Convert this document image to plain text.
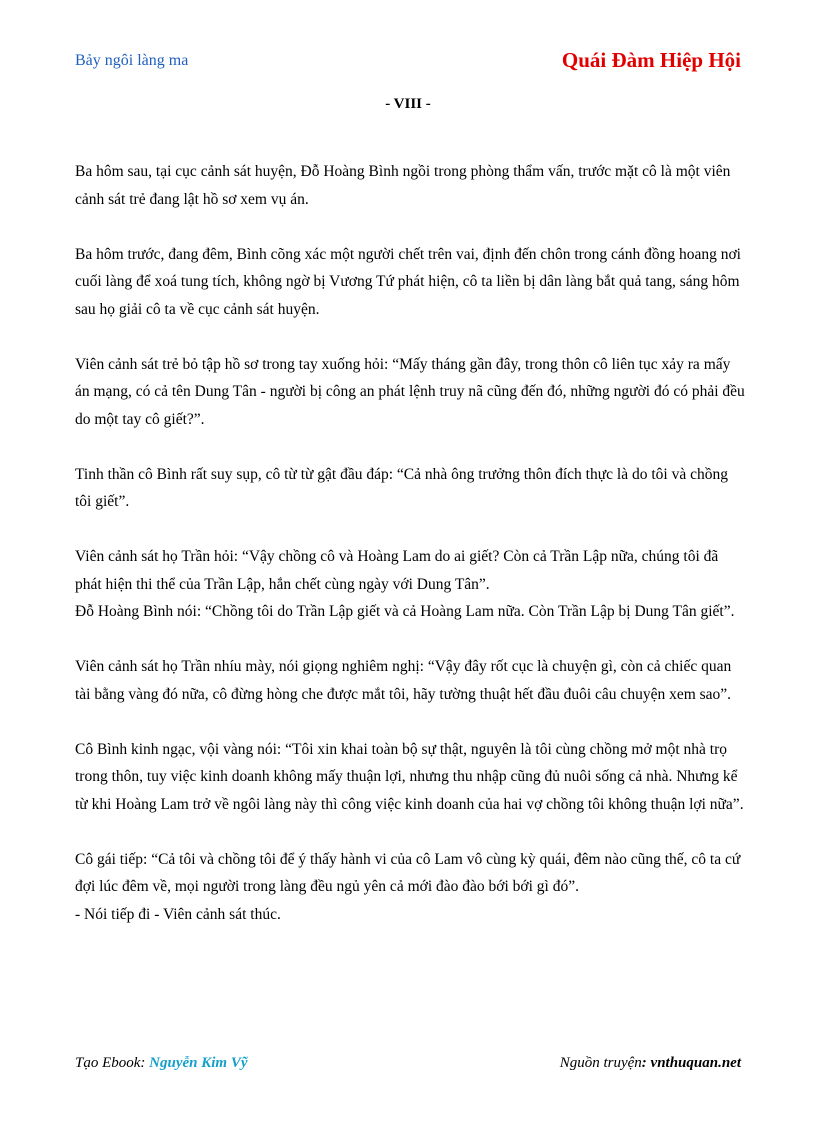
Bảy ngôi làng ma	Quái Đàm Hiệp Hội
- VIII -

Ba hôm sau, tại cục cảnh sát huyện, Đỗ Hoàng Bình ngồi trong phòng thẩm vấn, trước mặt cô là một viên cảnh sát trẻ đang lật hồ sơ xem vụ án.

Ba hôm trước, đang đêm, Bình cõng xác một người chết trên vai, định đến chôn trong cánh đồng hoang nơi cuối làng để xoá tung tích, không ngờ bị Vương Tứ phát hiện, cô ta liền bị dân làng bắt quả tang, sáng hôm sau họ giải cô ta về cục cảnh sát huyện.

Viên cảnh sát trẻ bỏ tập hồ sơ trong tay xuống hỏi: “Mấy tháng gần đây, trong thôn cô liên tục xảy ra mấy án mạng, có cả tên Dung Tân - người bị công an phát lệnh truy nã cũng đến đó, những người đó có phải đều do một tay cô giết?”.

Tinh thần cô Bình rất suy sụp, cô từ từ gật đầu đáp: “Cả nhà ông trưởng thôn đích thực là do tôi và chồng tôi giết”.

Viên cảnh sát họ Trần hỏi: “Vậy chồng cô và Hoàng Lam do ai giết? Còn cả Trần Lập nữa, chúng tôi đã phát hiện thi thể của Trần Lập, hắn chết cùng ngày với Dung Tân”.

Đỗ Hoàng Bình nói: “Chồng tôi do Trần Lập giết và cả Hoàng Lam nữa. Còn Trần Lập bị Dung Tân giết”.

Viên cảnh sát họ Trần nhíu mày, nói giọng nghiêm nghị: “Vậy đây rốt cục là chuyện gì, còn cả chiếc quan tài bằng vàng đó nữa, cô đừng hòng che được mắt tôi, hãy tường thuật hết đầu đuôi câu chuyện xem sao”.

Cô Bình kinh ngạc, vội vàng nói: “Tôi xin khai toàn bộ sự thật, nguyên là tôi cùng chồng mở một nhà trọ trong thôn, tuy việc kinh doanh không mấy thuận lợi, nhưng thu nhập cũng đủ nuôi sống cả nhà. Nhưng kể từ khi Hoàng Lam trở về ngôi làng này thì công việc kinh doanh của hai vợ chồng tôi không thuận lợi nữa”.

Cô gái tiếp: “Cả tôi và chồng tôi để ý thấy hành vi của cô Lam vô cùng kỳ quái, đêm nào cũng thế, cô ta cứ đợi lúc đêm về, mọi người trong làng đều ngủ yên cả mới đào đào bới bới gì đó”.

- Nói tiếp đi - Viên cảnh sát thúc.

Tạo Ebook: Nguyễn Kim Vỹ	Nguồn truyện: vnthuquan.net
